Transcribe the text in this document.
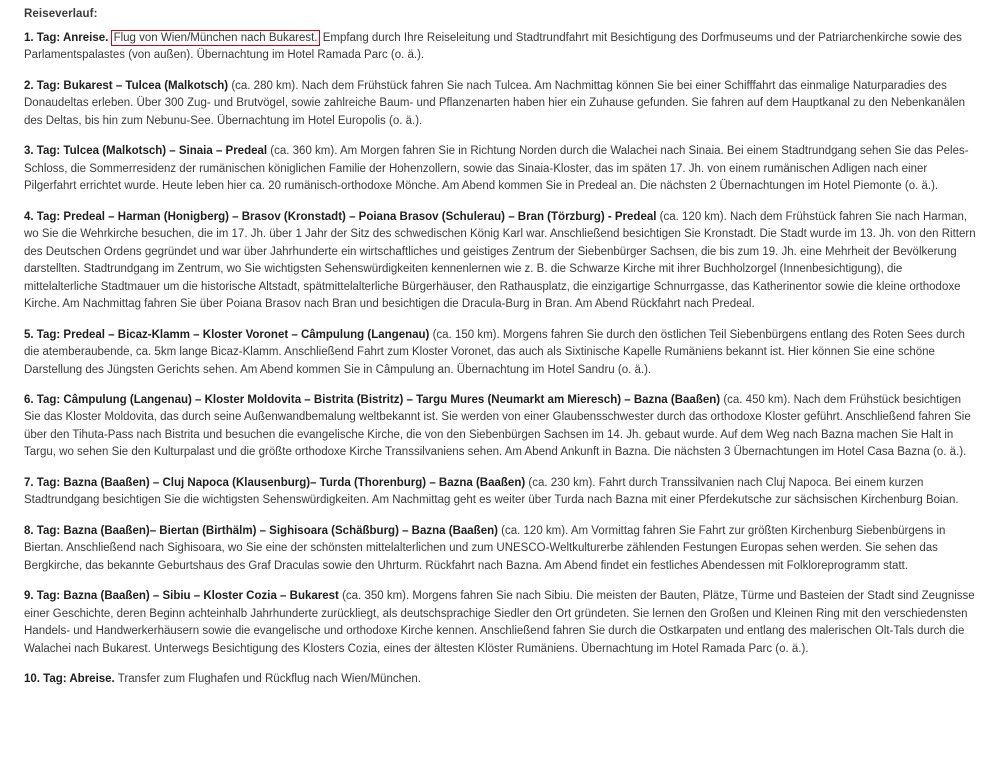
Reiseverlauf:

1. Tag: Anreise. Flug von Wien/München nach Bukarest. Empfang durch Ihre Reiseleitung und Stadtrundfahrt mit Besichtigung des Dorfmuseums und der Patriarchenkirche sowie des Parlamentspalastes (von außen). Übernachtung im Hotel Ramada Parc (o. ä.).

2. Tag: Bukarest – Tulcea (Malkotsch) (ca. 280 km). Nach dem Frühstück fahren Sie nach Tulcea. Am Nachmittag können Sie bei einer Schifffahrt das einmalige Naturparadies des Donaudeltas erleben. Über 300 Zug- und Brutvögel, sowie zahlreiche Baum- und Pflanzenarten haben hier ein Zuhause gefunden. Sie fahren auf dem Hauptkanal zu den Nebenkanälen des Deltas, bis hin zum Nebunu-See. Übernachtung im Hotel Europolis (o. ä.).

3. Tag: Tulcea (Malkotsch) – Sinaia – Predeal (ca. 360 km). Am Morgen fahren Sie in Richtung Norden durch die Walachei nach Sinaia. Bei einem Stadtrundgang sehen Sie das Peles-Schloss, die Sommerresidenz der rumänischen königlichen Familie der Hohenzollern, sowie das Sinaia-Kloster, das im späten 17. Jh. von einem rumänischen Adligen nach einer Pilgerfahrt errichtet wurde. Heute leben hier ca. 20 rumänisch-orthodoxe Mönche. Am Abend kommen Sie in Predeal an. Die nächsten 2 Übernachtungen im Hotel Piemonte (o. ä.).

4. Tag: Predeal – Harman (Honigberg) – Brasov (Kronstadt) – Poiana Brasov (Schulerau) – Bran (Törzburg) - Predeal (ca. 120 km). Nach dem Frühstück fahren Sie nach Harman, wo Sie die Wehrkirche besuchen, die im 17. Jh. über 1 Jahr der Sitz des schwedischen König Karl war. Anschließend besichtigen Sie Kronstadt. Die Stadt wurde im 13. Jh. von den Rittern des Deutschen Ordens gegründet und war über Jahrhunderte ein wirtschaftliches und geistiges Zentrum der Siebenbürger Sachsen, die bis zum 19. Jh. eine Mehrheit der Bevölkerung darstellten. Stadtrundgang im Zentrum, wo Sie wichtigsten Sehenswürdigkeiten kennenlernen wie z. B. die Schwarze Kirche mit ihrer Buchholzorgel (Innenbesichtigung), die mittelalterliche Stadtmauer um die historische Altstadt, spätmittelalterliche Bürgerhäuser, den Rathausplatz, die einzigartige Schnurrgasse, das Katherinentor sowie die kleine orthodoxe Kirche. Am Nachmittag fahren Sie über Poiana Brasov nach Bran und besichtigen die Dracula-Burg in Bran. Am Abend Rückfahrt nach Predeal.

5. Tag: Predeal – Bicaz-Klamm – Kloster Voronet – Câmpulung (Langenau) (ca. 150 km). Morgens fahren Sie durch den östlichen Teil Siebenbürgens entlang des Roten Sees durch die atemberaubende, ca. 5km lange Bicaz-Klamm. Anschließend Fahrt zum Kloster Voronet, das auch als Sixtinische Kapelle Rumäniens bekannt ist. Hier können Sie eine schöne Darstellung des Jüngsten Gerichts sehen. Am Abend kommen Sie in Câmpulung an. Übernachtung im Hotel Sandru (o. ä.).

6. Tag: Câmpulung (Langenau) – Kloster Moldovita – Bistrita (Bistritz) – Targu Mures (Neumarkt am Mieresch) – Bazna (Baaßen) (ca. 450 km). Nach dem Frühstück besichtigen Sie das Kloster Moldovita, das durch seine Außenwandbemalung weltbekannt ist. Sie werden von einer Glaubensschwester durch das orthodoxe Kloster geführt. Anschließend fahren Sie über den Tihuta-Pass nach Bistrita und besuchen die evangelische Kirche, die von den Siebenbürgen Sachsen im 14. Jh. gebaut wurde. Auf dem Weg nach Bazna machen Sie Halt in Targu, wo sehen Sie den Kulturpalast und die größte orthodoxe Kirche Transsilvaniens sehen. Am Abend Ankunft in Bazna. Die nächsten 3 Übernachtungen im Hotel Casa Bazna (o. ä.).

7. Tag: Bazna (Baaßen) – Cluj Napoca (Klausenburg)– Turda (Thorenburg) – Bazna (Baaßen) (ca. 230 km). Fahrt durch Transsilvanien nach Cluj Napoca. Bei einem kurzen Stadtrundgang besichtigen Sie die wichtigsten Sehenswürdigkeiten. Am Nachmittag geht es weiter über Turda nach Bazna mit einer Pferdekutsche zur sächsischen Kirchenburg Boian.

8. Tag: Bazna (Baaßen)– Biertan (Birthälm) – Sighisoara (Schäßburg) – Bazna (Baaßen) (ca. 120 km). Am Vormittag fahren Sie Fahrt zur größten Kirchenburg Siebenbürgens in Biertan. Anschließend nach Sighisoara, wo Sie eine der schönsten mittelalterlichen und zum UNESCO-Weltkulturerbe zählenden Festungen Europas sehen werden. Sie sehen das Bergkirche, das bekannte Geburtshaus des Graf Draculas sowie den Uhrturm. Rückfahrt nach Bazna. Am Abend findet ein festliches Abendessen mit Folkloreprogramm statt.

9. Tag: Bazna (Baaßen) – Sibiu – Kloster Cozia – Bukarest (ca. 350 km). Morgens fahren Sie nach Sibiu. Die meisten der Bauten, Plätze, Türme und Basteien der Stadt sind Zeugnisse einer Geschichte, deren Beginn achteinhalb Jahrhunderte zurückliegt, als deutschsprachige Siedler den Ort gründeten. Sie lernen den Großen und Kleinen Ring mit den verschiedensten Handels- und Handwerkerhäusern sowie die evangelische und orthodoxe Kirche kennen. Anschließend fahren Sie durch die Ostkarpaten und entlang des malerischen Olt-Tals durch die Walachei nach Bukarest. Unterwegs Besichtigung des Klosters Cozia, eines der ältesten Klöster Rumäniens. Übernachtung im Hotel Ramada Parc (o. ä.).

10. Tag: Abreise. Transfer zum Flughafen und Rückflug nach Wien/München.
